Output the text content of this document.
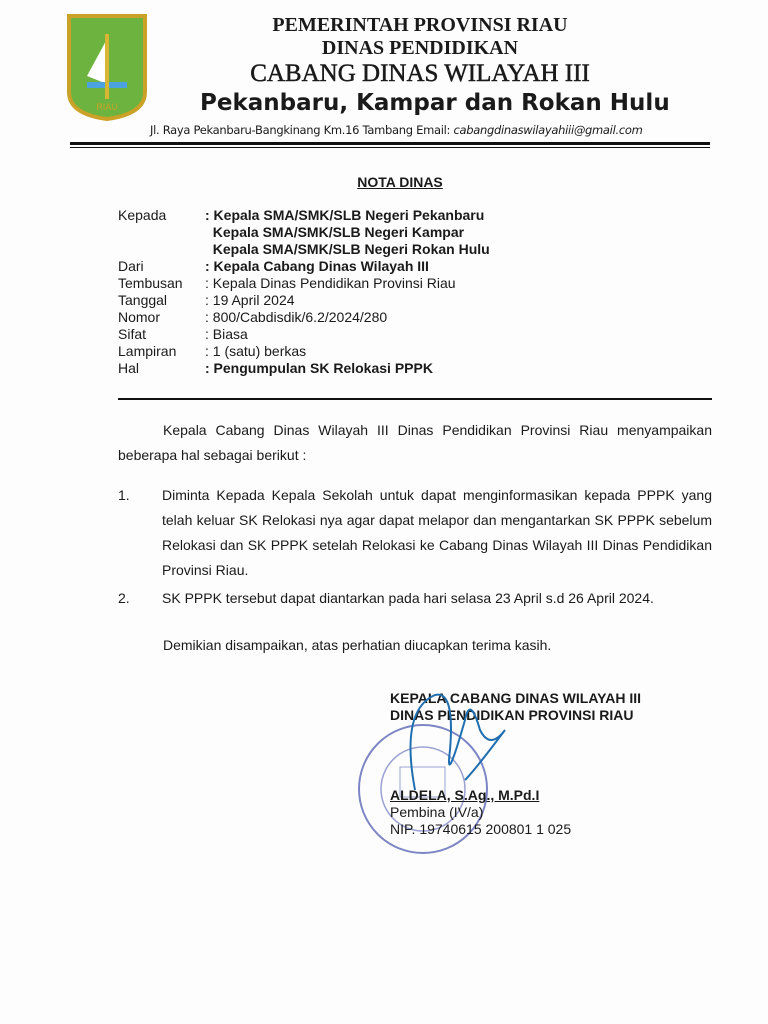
RIAU
PEMERINTAH PROVINSI RIAU
DINAS PENDIDIKAN
CABANG DINAS WILAYAH III
Pekanbaru, Kampar dan Rokan Hulu
Jl. Raya Pekanbaru-Bangkinang Km.16 Tambang Email: cabangdinaswilayahiii@gmail.com
NOTA DINAS
Kepada	: Kepala SMA/SMK/SLB Negeri Pekanbaru
Kepala SMA/SMK/SLB Negeri Kampar
Kepala SMA/SMK/SLB Negeri Rokan Hulu
Dari	: Kepala Cabang Dinas Wilayah III
Tembusan : Kepala Dinas Pendidikan Provinsi Riau
Tanggal	: 19 April 2024
Nomor	: 800/Cabdisdik/6.2/2024/280
Sifat	: Biasa
Lampiran : 1 (satu) berkas
Hal	: Pengumpulan SK Relokasi PPPK
Kepala Cabang Dinas Wilayah III Dinas Pendidikan Provinsi Riau menyampaikan beberapa hal sebagai berikut :
1. Diminta Kepada Kepala Sekolah untuk dapat menginformasikan kepada PPPK yang telah keluar SK Relokasi nya agar dapat melapor dan mengantarkan SK PPPK sebelum Relokasi dan SK PPPK setelah Relokasi ke Cabang Dinas Wilayah III Dinas Pendidikan Provinsi Riau.
2. SK PPPK tersebut dapat diantarkan pada hari selasa 23 April s.d 26 April 2024.
Demikian disampaikan, atas perhatian diucapkan terima kasih.
KEPALA CABANG DINAS WILAYAH III
DINAS PENDIDIKAN PROVINSI RIAU
ALDELA, S.Ag., M.Pd.I
Pembina (IV/a)
NIP. 19740615 200801 1 025
